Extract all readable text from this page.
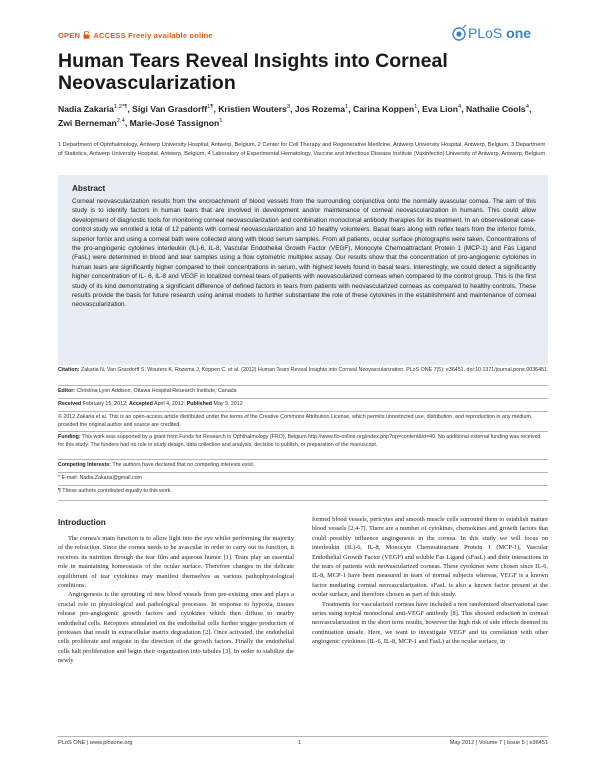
OPEN ACCESS Freely available online	PLoS one
Human Tears Reveal Insights into Corneal Neovascularization
Nadia Zakaria$^{1,2*\P}$, Sigi Van Grasdorff$^{1\P}$, Kristien Wouters$^3$, Jos Rozema$^1$, Carina Koppen$^1$, Eva Lion$^4$, Nathalie Cools$^4$, Zwi Berneman$^{2,4}$, Marie-José Tassignon$^1$
1 Department of Ophthalmology, Antwerp University Hospital, Antwerp, Belgium, 2 Center for Cell Therapy and Regenerative Medicine, Antwerp University Hospital, Antwerp, Belgium, 3 Department of Statistics, Antwerp University Hospital, Antwerp, Belgium, 4 Laboratory of Experimental Hematology, Vaccine and Infectious Disease Institute (Vaxinfectio) University of Antwerp, Antwerp, Belgium
Abstract
Corneal neovascularization results from the encroachment of blood vessels from the surrounding conjunctiva onto the normally avascular cornea. The aim of this study is to identify factors in human tears that are involved in development and/or maintenance of corneal neovascularization in humans. This could allow development of diagnostic tools for monitoring corneal neovascularization and combination monoclonal antibody therapies for its treatment. In an observational case-control study we enrolled a total of 12 patients with corneal neovascularization and 10 healthy volunteers. Basal tears along with reflex tears from the inferior fornix, superior fornix and using a corneal bath were collected along with blood serum samples. From all patients, ocular surface photographs were taken. Concentrations of the pro-angiogenic cytokines interleukin (IL)-6, IL-8, Vascular Endothelial Growth Factor (VEGF), Monocyte Chemoattractant Protein 1 (MCP-1) and Fas Ligand (FasL) were determined in blood and tear samples using a flow cytometric multiplex assay. Our results show that the concentration of pro-angiogenic cytokines in human tears are significantly higher compared to their concentrations in serum, with highest levels found in basal tears. Interestingly, we could detect a significantly higher concentration of IL- 6, IL-8 and VEGF in localized corneal tears of patients with neovascularized corneas when compared to the control group. This is the first study of its kind demonstrating a significant difference of defined factors in tears from patients with neovascularized corneas as compared to healthy controls. These results provide the basis for future research using animal models to further substantiate the role of these cytokines in the establishment and maintenance of corneal neovascularization.
Citation: Zakaria N, Van Grasdorff S, Wouters K, Rozema J, Koppen C, et al. (2012) Human Tears Reveal Insights into Corneal Neovascularization. PLoS ONE 7(5): e36451. doi:10.1371/journal.pone.0036451
Editor: Christina Lynn Addison, Ottawa Hospital Research Institute, Canada
Received February 15, 2012; Accepted April 4, 2012; Published May 9, 2012
© 2012 Zakaria et al. This is an open-access article distributed under the terms of the Creative Commons Attribution License, which permits unrestricted use, distribution, and reproduction in any medium, provided the original author and source are credited.
Funding: This work was supported by a grant from Funds for Research in Ophthalmology (FRO), Belgium http://www.flo-online.org/index.php?op=content&id=40. No additional external funding was received for this study. The funders had no role in study design, data collection and analysis, decision to publish, or preparation of the manuscript.
Competing Interests: The authors have declared that no competing interests exist.
* E-mail: Nadia.Zakaria@gmail.com
¶ These authors contributed equally to this work.
Introduction

The cornea's main function is to allow light into the eye whilst performing the majority of the refraction. Since the cornea needs to be avascular in order to carry out its function, it receives its nutrition through the tear film and aqueous humor [1]. Tears play an essential role in maintaining homeostasis of the ocular surface. Therefore changes in the delicate equilibrium of tear cytokines may manifest themselves as various pathophysiological conditions.

Angiogenesis is the sprouting of new blood vessels from pre-existing ones and plays a crucial role in physiological and pathological processes. In response to hypoxia, tissues release pro-angiogenic growth factors and cytokines which then diffuse to nearby endothelial cells. Receptors stimulated on the endothelial cells further trigger production of proteases that result in extracellular matrix degradation [2]. Once activated, the endothelial cells proliferate and migrate in the direction of the growth factors. Finally the endothelial cells halt proliferation and begin their organization into tubules [3]. In order to stabilize the newly

formed blood vessels, pericytes and smooth muscle cells surround them to establish mature blood vessels [2,4-7]. There are a number of cytokines, chemokines and growth factors that could possibly influence angiogenesis in the cornea. In this study we will focus on interleukin (IL)-6, IL-8, Monocyte Chemoattractant Protein 1 (MCP-1), Vascular Endothelial Growth Factor (VEGF) and soluble Fas Ligand (sFasL) and their interactions in the tears of patients with neovascularized corneas. These cytokines were chosen since IL-6, IL-8, MCP-1 have been measured in tears of normal subjects whereas, VEGF is a known factor mediating corneal neovascularization. sFasL is also a known factor present at the ocular surface, and therefore chosen as part of this study.

Treatments for vascularized corneas have included a non randomized observational case series using topical monoclonal anti-VEGF antibody [8]. This showed reduction in corneal neovascularization in the short term results, however the high risk of side effects deemed its continuation unsafe. Here, we want to investigate VEGF and its correlation with other angiogenic cytokines (IL-6, IL-8, MCP-1 and FasL) at the ocular surface, in

PLoS ONE | www.plosone.org	1	May 2012 | Volume 7 | Issue 5 | e36451
